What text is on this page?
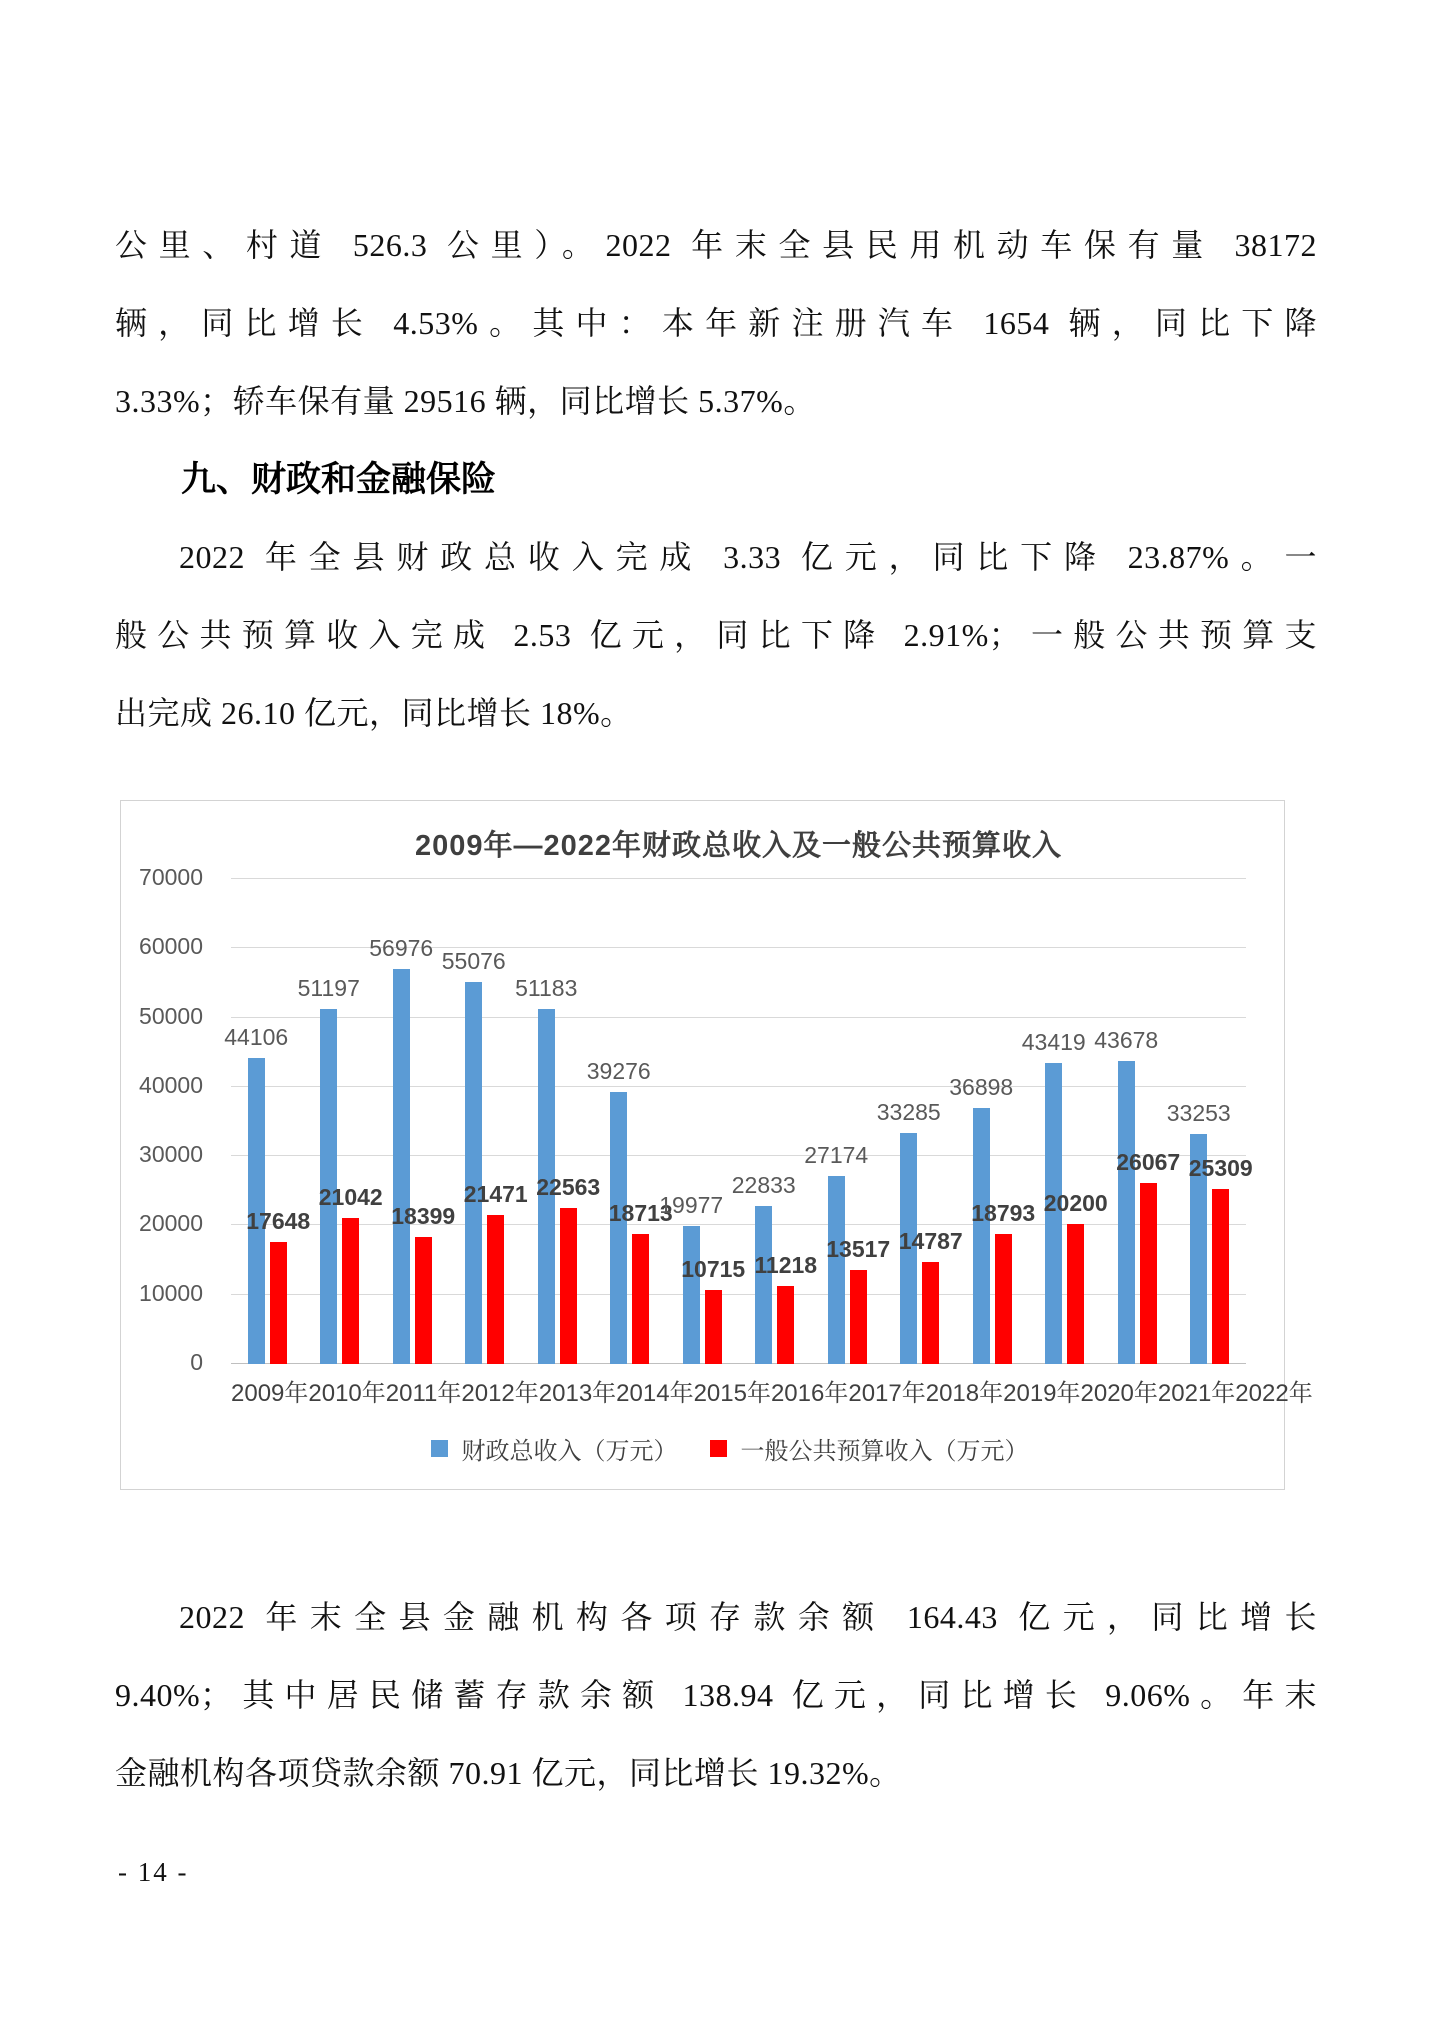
公里、村道 526.3 公里）。2022 年末全县民用机动车保有量 38172
辆，同比增长 4.53%。其中：本年新注册汽车 1654 辆，同比下降
3.33%；轿车保有量 29516 辆，同比增长 5.37%。
九、财政和金融保险
2022 年全县财政总收入完成 3.33 亿元，同比下降 23.87%。一
般公共预算收入完成 2.53 亿元，同比下降 2.91%；一般公共预算支
出完成 26.10 亿元，同比增长 18%。
2009年—2022年财政总收入及一般公共预算收入
0
10000
20000
30000
40000
50000
60000
70000
44106
17648
51197
21042
56976
18399
55076
21471
51183
22563
39276
18713
19977
10715
22833
11218
27174
13517
33285
14787
36898
18793
43419
20200
43678
26067
33253
25309
2009年 2010年 2011年 2012年 2013年 2014年 2015年 2016年 2017年 2018年 2019年 2020年 2021年 2022年
财政总收入（万元）	一般公共预算收入（万元）
2022 年末全县金融机构各项存款余额 164.43 亿元，同比增长
9.40%；其中居民储蓄存款余额 138.94 亿元，同比增长 9.06%。年末
金融机构各项贷款余额 70.91 亿元，同比增长 19.32%。
- 14 -
